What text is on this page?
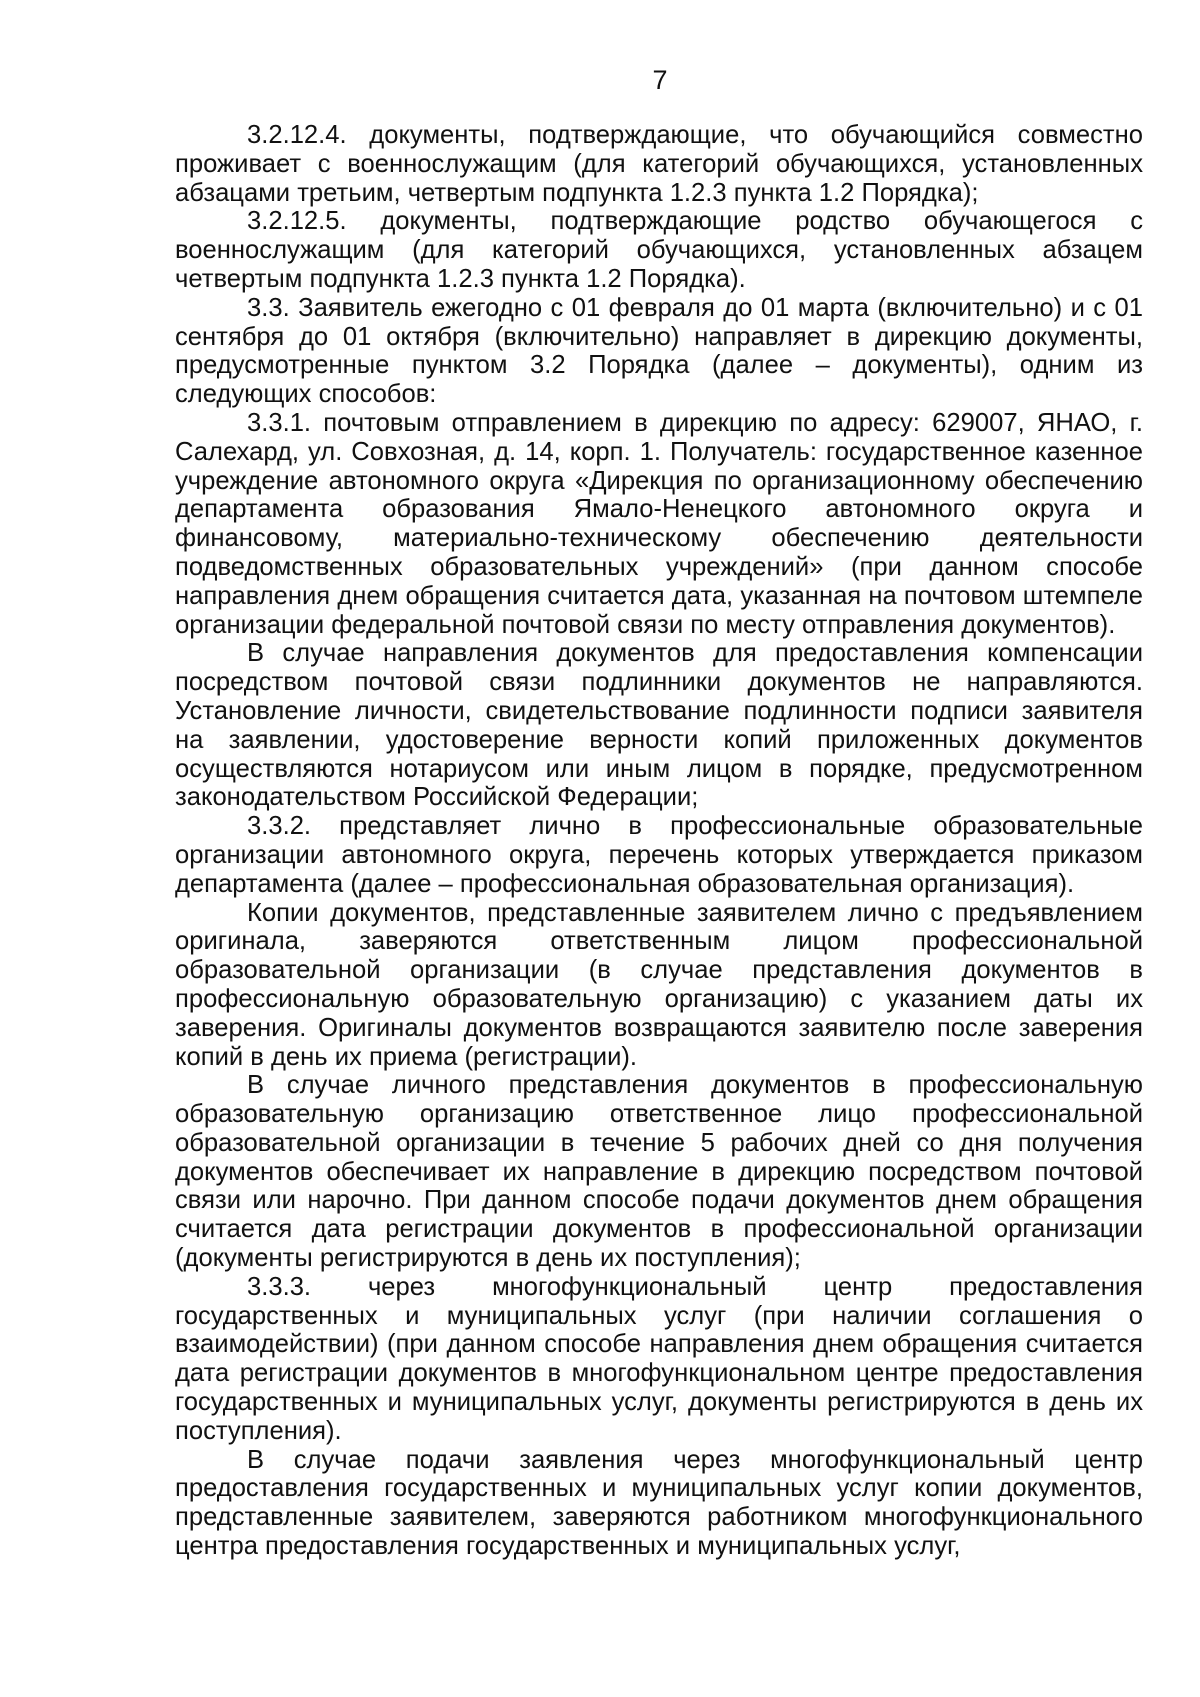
7

3.2.12.4. документы, подтверждающие, что обучающийся совместно проживает с военнослужащим (для категорий обучающихся, установленных абзацами третьим, четвертым подпункта 1.2.3 пункта 1.2 Порядка);

3.2.12.5. документы, подтверждающие родство обучающегося с военнослужащим (для категорий обучающихся, установленных абзацем четвертым подпункта 1.2.3 пункта 1.2 Порядка).

3.3. Заявитель ежегодно с 01 февраля до 01 марта (включительно) и с 01 сентября до 01 октября (включительно) направляет в дирекцию документы, предусмотренные пунктом 3.2 Порядка (далее – документы), одним из следующих способов:

3.3.1. почтовым отправлением в дирекцию по адресу: 629007, ЯНАО, г. Салехард, ул. Совхозная, д. 14, корп. 1. Получатель: государственное казенное учреждение автономного округа «Дирекция по организационному обеспечению департамента образования Ямало-Ненецкого автономного округа и финансовому, материально-техническому обеспечению деятельности подведомственных образовательных учреждений» (при данном способе направления днем обращения считается дата, указанная на почтовом штемпеле организации федеральной почтовой связи по месту отправления документов).

В случае направления документов для предоставления компенсации посредством почтовой связи подлинники документов не направляются. Установление личности, свидетельствование подлинности подписи заявителя на заявлении, удостоверение верности копий приложенных документов осуществляются нотариусом или иным лицом в порядке, предусмотренном законодательством Российской Федерации;

3.3.2. представляет лично в профессиональные образовательные организации автономного округа, перечень которых утверждается приказом департамента (далее – профессиональная образовательная организация).

Копии документов, представленные заявителем лично с предъявлением оригинала, заверяются ответственным лицом профессиональной образовательной организации (в случае представления документов в профессиональную образовательную организацию) с указанием даты их заверения. Оригиналы документов возвращаются заявителю после заверения копий в день их приема (регистрации).

В случае личного представления документов в профессиональную образовательную организацию ответственное лицо профессиональной образовательной организации в течение 5 рабочих дней со дня получения документов обеспечивает их направление в дирекцию посредством почтовой связи или нарочно. При данном способе подачи документов днем обращения считается дата регистрации документов в профессиональной организации (документы регистрируются в день их поступления);

3.3.3. через многофункциональный центр предоставления государственных и муниципальных услуг (при наличии соглашения о взаимодействии) (при данном способе направления днем обращения считается дата регистрации документов в многофункциональном центре предоставления государственных и муниципальных услуг, документы регистрируются в день их поступления).

В случае подачи заявления через многофункциональный центр предоставления государственных и муниципальных услуг копии документов, представленные заявителем, заверяются работником многофункционального центра предоставления государственных и муниципальных услуг,
